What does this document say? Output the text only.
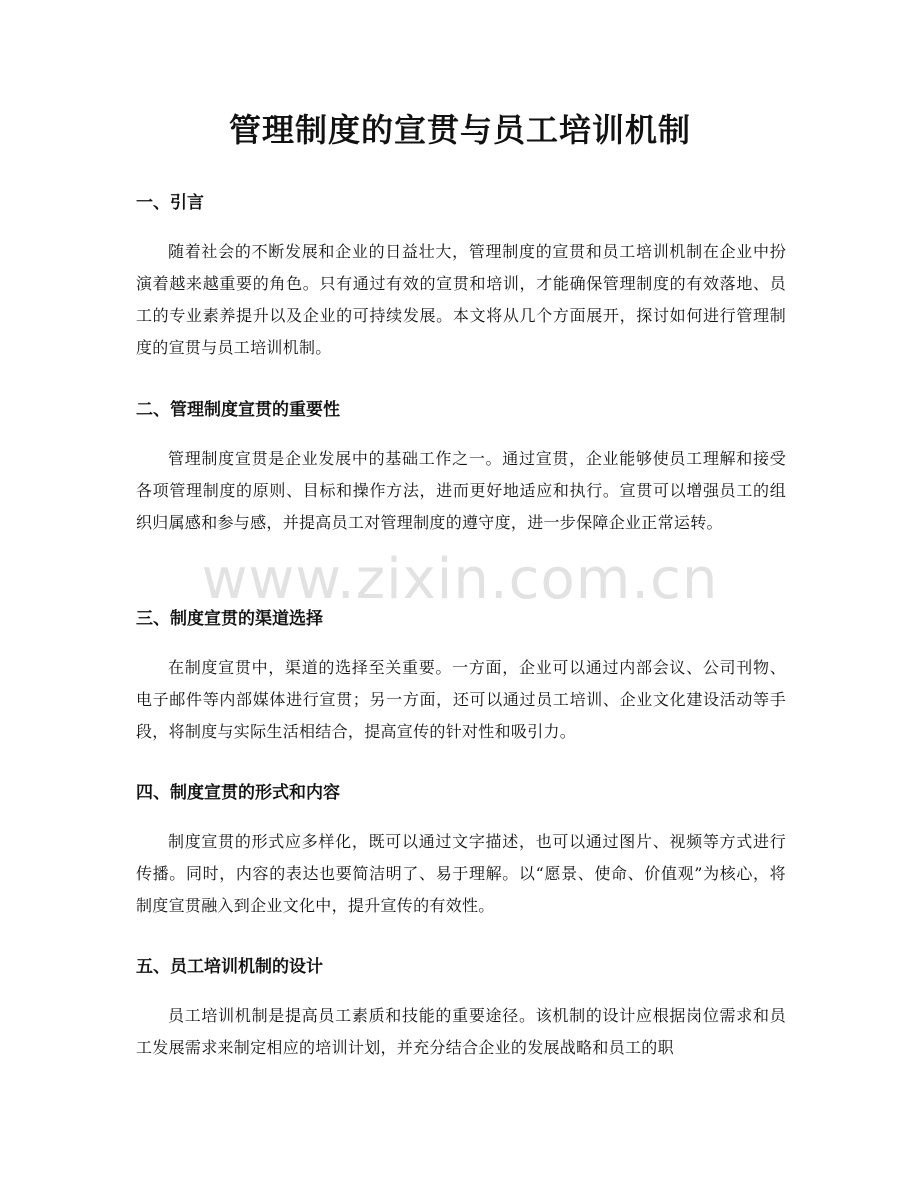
管理制度的宣贯与员工培训机制
一、引言

随着社会的不断发展和企业的日益壮大，管理制度的宣贯和员工培训机制在企业中扮演着越来越重要的角色。只有通过有效的宣贯和培训，才能确保管理制度的有效落地、员工的专业素养提升以及企业的可持续发展。本文将从几个方面展开，探讨如何进行管理制度的宣贯与员工培训机制。

二、管理制度宣贯的重要性

管理制度宣贯是企业发展中的基础工作之一。通过宣贯，企业能够使员工理解和接受各项管理制度的原则、目标和操作方法，进而更好地适应和执行。宣贯可以增强员工的组织归属感和参与感，并提高员工对管理制度的遵守度，进一步保障企业正常运转。

三、制度宣贯的渠道选择

在制度宣贯中，渠道的选择至关重要。一方面，企业可以通过内部会议、公司刊物、电子邮件等内部媒体进行宣贯；另一方面，还可以通过员工培训、企业文化建设活动等手段，将制度与实际生活相结合，提高宣传的针对性和吸引力。

四、制度宣贯的形式和内容

制度宣贯的形式应多样化，既可以通过文字描述，也可以通过图片、视频等方式进行传播。同时，内容的表达也要简洁明了、易于理解。以“愿景、使命、价值观”为核心，将制度宣贯融入到企业文化中，提升宣传的有效性。

五、员工培训机制的设计

员工培训机制是提高员工素质和技能的重要途径。该机制的设计应根据岗位需求和员工发展需求来制定相应的培训计划，并充分结合企业的发展战略和员工的职

www.zixin.com.cn
